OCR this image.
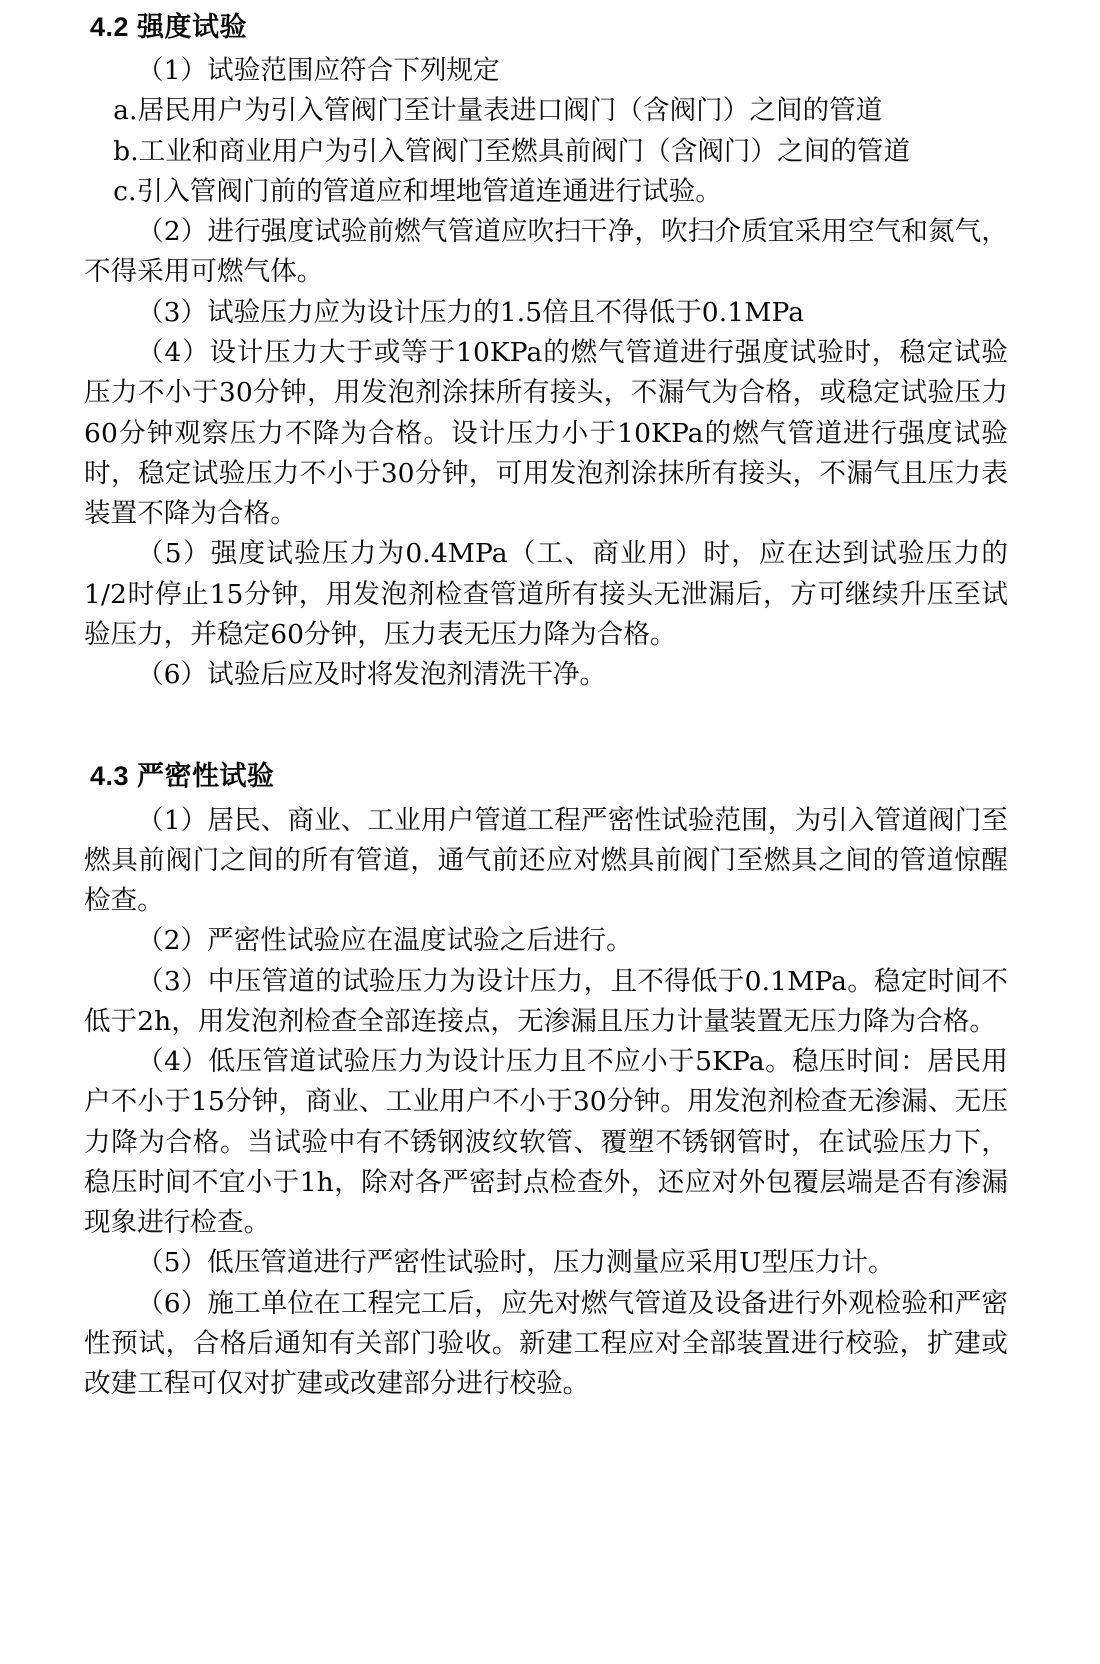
4.2 强度试验

（1）试验范围应符合下列规定

a.居民用户为引入管阀门至计量表进口阀门（含阀门）之间的管道

b.工业和商业用户为引入管阀门至燃具前阀门（含阀门）之间的管道

c.引入管阀门前的管道应和埋地管道连通进行试验。

（2）进行强度试验前燃气管道应吹扫干净，吹扫介质宜采用空气和氮气，不得采用可燃气体。

（3）试验压力应为设计压力的1.5倍且不得低于0.1MPa

（4）设计压力大于或等于10KPa的燃气管道进行强度试验时，稳定试验压力不小于30分钟，用发泡剂涂抹所有接头，不漏气为合格，或稳定试验压力60分钟观察压力不降为合格。设计压力小于10KPa的燃气管道进行强度试验时，稳定试验压力不小于30分钟，可用发泡剂涂抹所有接头，不漏气且压力表装置不降为合格。

（5）强度试验压力为0.4MPa（工、商业用）时，应在达到试验压力的1/2时停止15分钟，用发泡剂检查管道所有接头无泄漏后，方可继续升压至试验压力，并稳定60分钟，压力表无压力降为合格。

（6）试验后应及时将发泡剂清洗干净。

4.3 严密性试验

（1）居民、商业、工业用户管道工程严密性试验范围，为引入管道阀门至燃具前阀门之间的所有管道，通气前还应对燃具前阀门至燃具之间的管道惊醒检查。

（2）严密性试验应在温度试验之后进行。

（3）中压管道的试验压力为设计压力，且不得低于0.1MPa。稳定时间不低于2h，用发泡剂检查全部连接点，无渗漏且压力计量装置无压力降为合格。

（4）低压管道试验压力为设计压力且不应小于5KPa。稳压时间：居民用户不小于15分钟，商业、工业用户不小于30分钟。用发泡剂检查无渗漏、无压力降为合格。当试验中有不锈钢波纹软管、覆塑不锈钢管时，在试验压力下，稳压时间不宜小于1h，除对各严密封点检查外，还应对外包覆层端是否有渗漏现象进行检查。

（5）低压管道进行严密性试验时，压力测量应采用U型压力计。

（6）施工单位在工程完工后，应先对燃气管道及设备进行外观检验和严密性预试，合格后通知有关部门验收。新建工程应对全部装置进行校验，扩建或改建工程可仅对扩建或改建部分进行校验。
